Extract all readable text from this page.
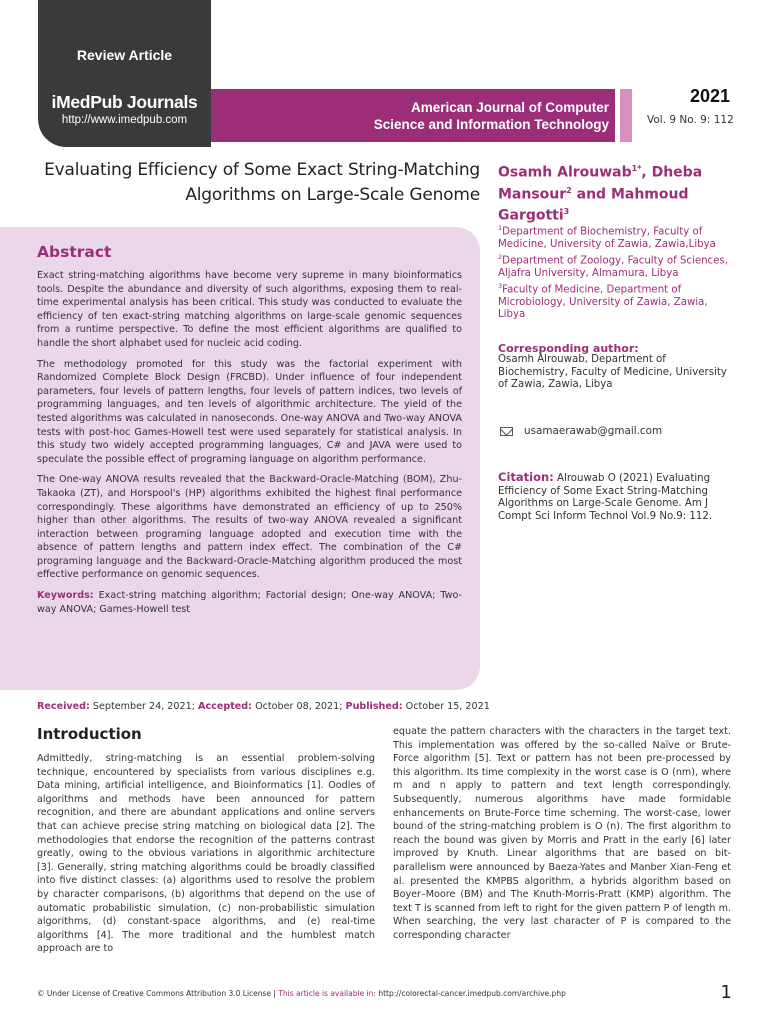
Review Article
iMedPub Journals
http://www.imedpub.com
American Journal of Computer
Science and Information Technology
2021
Vol. 9 No. 9: 112
Evaluating Efficiency of Some Exact String-Matching Algorithms on Large-Scale Genome
Osamh Alrouwab$^{1*}$, Dheba Mansour$^2$ and Mahmoud Gargotti$^3$
$^1$Department of Biochemistry, Faculty of Medicine, University of Zawia, Zawia,Libya
$^2$Department of Zoology, Faculty of Sciences, Aljafra University, Almamura, Libya
$^3$Faculty of Medicine, Department of Microbiology, University of Zawia, Zawia, Libya
Corresponding author:
Osamh Alrouwab, Department of Biochemistry, Faculty of Medicine, University of Zawia, Zawia, Libya
usamaerawab@gmail.com
Citation: Alrouwab O (2021) Evaluating Efficiency of Some Exact String-Matching Algorithms on Large-Scale Genome. Am J Compt Sci Inform Technol Vol.9 No.9: 112.
Abstract

Exact string-matching algorithms have become very supreme in many bioinformatics tools. Despite the abundance and diversity of such algorithms, exposing them to real-time experimental analysis has been critical. This study was conducted to evaluate the efficiency of ten exact-string matching algorithms on large-scale genomic sequences from a runtime perspective. To define the most efficient algorithms are qualified to handle the short alphabet used for nucleic acid coding.

The methodology promoted for this study was the factorial experiment with Randomized Complete Block Design (FRCBD). Under influence of four independent parameters, four levels of pattern lengths, four levels of pattern indices, two levels of programming languages, and ten levels of algorithmic architecture. The yield of the tested algorithms was calculated in nanoseconds. One-way ANOVA and Two-way ANOVA tests with post-hoc Games-Howell test were used separately for statistical analysis. In this study two widely accepted programming languages, C# and JAVA were used to speculate the possible effect of programing language on algorithm performance.

The One-way ANOVA results revealed that the Backward-Oracle-Matching (BOM), Zhu-Takaoka (ZT), and Horspool's (HP) algorithms exhibited the highest final performance correspondingly. These algorithms have demonstrated an efficiency of up to 250% higher than other algorithms. The results of two-way ANOVA revealed a significant interaction between programing language adopted and execution time with the absence of pattern lengths and pattern index effect. The combination of the C# programing language and the Backward-Oracle-Matching algorithm produced the most effective performance on genomic sequences.

Keywords: Exact-string matching algorithm; Factorial design; One-way ANOVA; Two-way ANOVA; Games-Howell test

Received: September 24, 2021; Accepted: October 08, 2021; Published: October 15, 2021
Introduction
Admittedly, string-matching is an essential problem-solving technique, encountered by specialists from various disciplines e.g. Data mining, artificial intelligence, and Bioinformatics [1]. Oodles of algorithms and methods have been announced for pattern recognition, and there are abundant applications and online servers that can achieve precise string matching on biological data [2]. The methodologies that endorse the recognition of the patterns contrast greatly, owing to the obvious variations in algorithmic architecture [3]. Generally, string matching algorithms could be broadly classified into five distinct classes: (a) algorithms used to resolve the problem by character comparisons, (b) algorithms that depend on the use of automatic probabilistic simulation, (c) non-probabilistic simulation algorithms, (d) constant-space algorithms, and (e) real-time algorithms [4]. The more traditional and the humblest match approach are to
equate the pattern characters with the characters in the target text. This implementation was offered by the so-called Naïve or Brute-Force algorithm [5]. Text or pattern has not been pre-processed by this algorithm. Its time complexity in the worst case is O (nm), where m and n apply to pattern and text length correspondingly. Subsequently, numerous algorithms have made formidable enhancements on Brute-Force time scheming. The worst-case, lower bound of the string-matching problem is O (n). The first algorithm to reach the bound was given by Morris and Pratt in the early [6] later improved by Knuth. Linear algorithms that are based on bit-parallelism were announced by Baeza-Yates and Manber Xian-Feng et al. presented the KMPBS algorithm, a hybrids algorithm based on Boyer–Moore (BM) and The Knuth-Morris-Pratt (KMP) algorithm. The text T is scanned from left to right for the given pattern P of length m. When searching, the very last character of P is compared to the corresponding character
© Under License of Creative Commons Attribution 3.0 License | This article is available in: http://colorectal-cancer.imedpub.com/archive.php	1
